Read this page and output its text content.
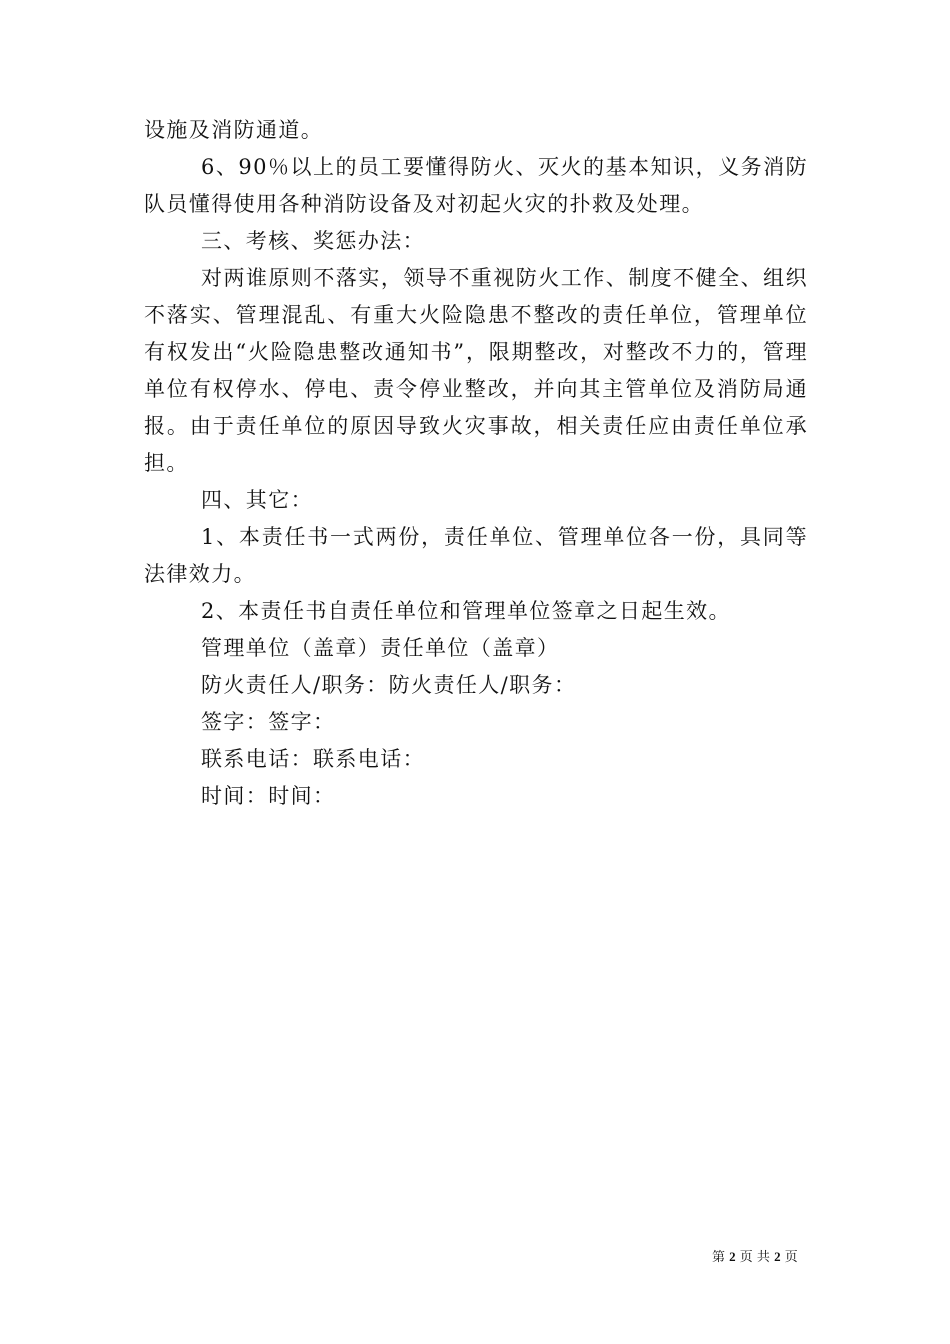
设施及消防通道。

6、90％以上的员工要懂得防火、灭火的基本知识，义务消防队员懂得使用各种消防设备及对初起火灾的扑救及处理。

三、考核、奖惩办法：

对两谁原则不落实，领导不重视防火工作、制度不健全、组织不落实、管理混乱、有重大火险隐患不整改的责任单位，管理单位有权发出“火险隐患整改通知书”，限期整改，对整改不力的，管理单位有权停水、停电、责令停业整改，并向其主管单位及消防局通报。由于责任单位的原因导致火灾事故，相关责任应由责任单位承担。

四、其它：

1、本责任书一式两份，责任单位、管理单位各一份，具同等法律效力。

2、本责任书自责任单位和管理单位签章之日起生效。

管理单位（盖章）责任单位（盖章）

防火责任人/职务：防火责任人/职务：

签字：签字：

联系电话：联系电话：

时间：时间：

第 2 页 共 2 页
